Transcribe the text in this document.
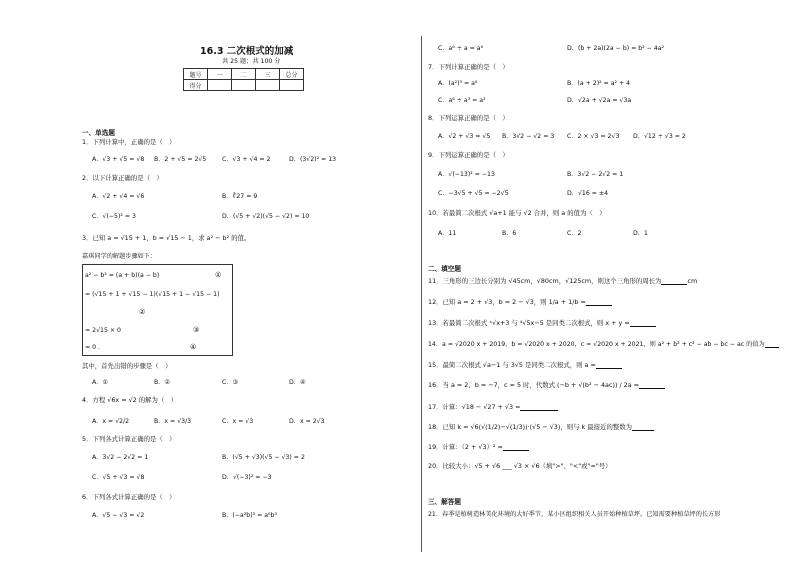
16.3 二次根式的加减
共 25 题；共 100 分
题号	一	二	三	总分
得分				
一、单选题
1．下列计算中，正确的是（　）
A．√3 + √5 = √8 B．2 + √5 = 2√5	C．√3 + √4 = 2	D．(3√2)² = 13
2．以下计算正确的是（　）
A．√2 + √4 = √6	B．∛27 = 9
C．√(−5)² = 3	D．(√5 + √2)(√5 − √2) = 10
3．已知 a = √15 + 1，b = √15 − 1，求 a² − b² 的值。
嘉琪同学的解题步骤如下：
a² − b² = (a + b)(a − b)	①
= (√15 + 1 + √15 − 1)(√15 + 1 − √15 − 1)
②
= 2√15 × 0	③
= 0 .	④
其中，首先出错的步骤是（　）
A．①	B．②	C．③	D．④
4．方程 √6x = √2 的解为（　）
A．x = √2/2	B．x = √3/3	C．x = √3	D．x = 2√3
5．下列各式计算正确的是（　）
A．3√2 − 2√2 = 1	B．(√5 + √3)(√5 − √3) = 2
C．√5 + √3 = √8	D．√(−3)² = −3
6．下列各式计算正确的是（　）
A．√5 − √3 = √2	B．(−a²b)³ = a⁶b³
C．a⁶ ÷ a = a⁶	D．(b + 2a)(2a − b) = b² − 4a²
7．下列计算正确的是（　）
A．(a²)³ = a⁶	B．(a + 2)² = a² + 4
C．a⁶ ÷ a³ = a²	D．√2a + √2a = √3a
8．下列运算正确的是（　）
A．√2 + √3 = √5 B．3√2 − √2 = 3 C．2 × √3 = 2√3 D．√12 ÷ √3 = 2
9．下列运算正确的是（　）
A．√(−13)² = −13	B．3√2 − 2√2 = 1
C．−3√5 + √5 = −2√5	D．√16 = ±4
10．若最简二次根式 √a+1 能与 √2 合并，则 a 的值为（　）
A．11	B．6	C．2	D．1
二、填空题
11．三角形的三边长分别为 √45cm，√80cm，√125cm，则这个三角形的周长为	cm
12．已知 a = 2 + √3，b = 2 − √3，则 1/a + 1/b =
13．若最简二次根式 ˣ√x+3 与 ⁴√5x−5 是同类二次根式，则 x + y =
14．a = √2020 x + 2019，b = √2020 x + 2020，c = √2020 x + 2021，则 a² + b² + c² − ab − bc − ac 的值为
15．最简二次根式 √a−1 与 3√5 是同类二次根式，则 a =
16．当 a = 2，b = −7，c = 5 时，代数式 (−b + √(b² − 4ac)) / 2a =
17．计算：√18 − √27 + √3 =
18．已知 k = √6(√(1/2)−√(1/3))·(√5 − √3)，则与 k 最接近的整数为
19．计算：（2 + √3）² =
20．比较大小：√5 + √6 ___ √3 × √6（填">"、"<"或"="号）
三、解答题
21．春季是植树造林美化环境的大好季节，某小区组织相关人员开始种植草坪。已知需要种植草坪的长方形
